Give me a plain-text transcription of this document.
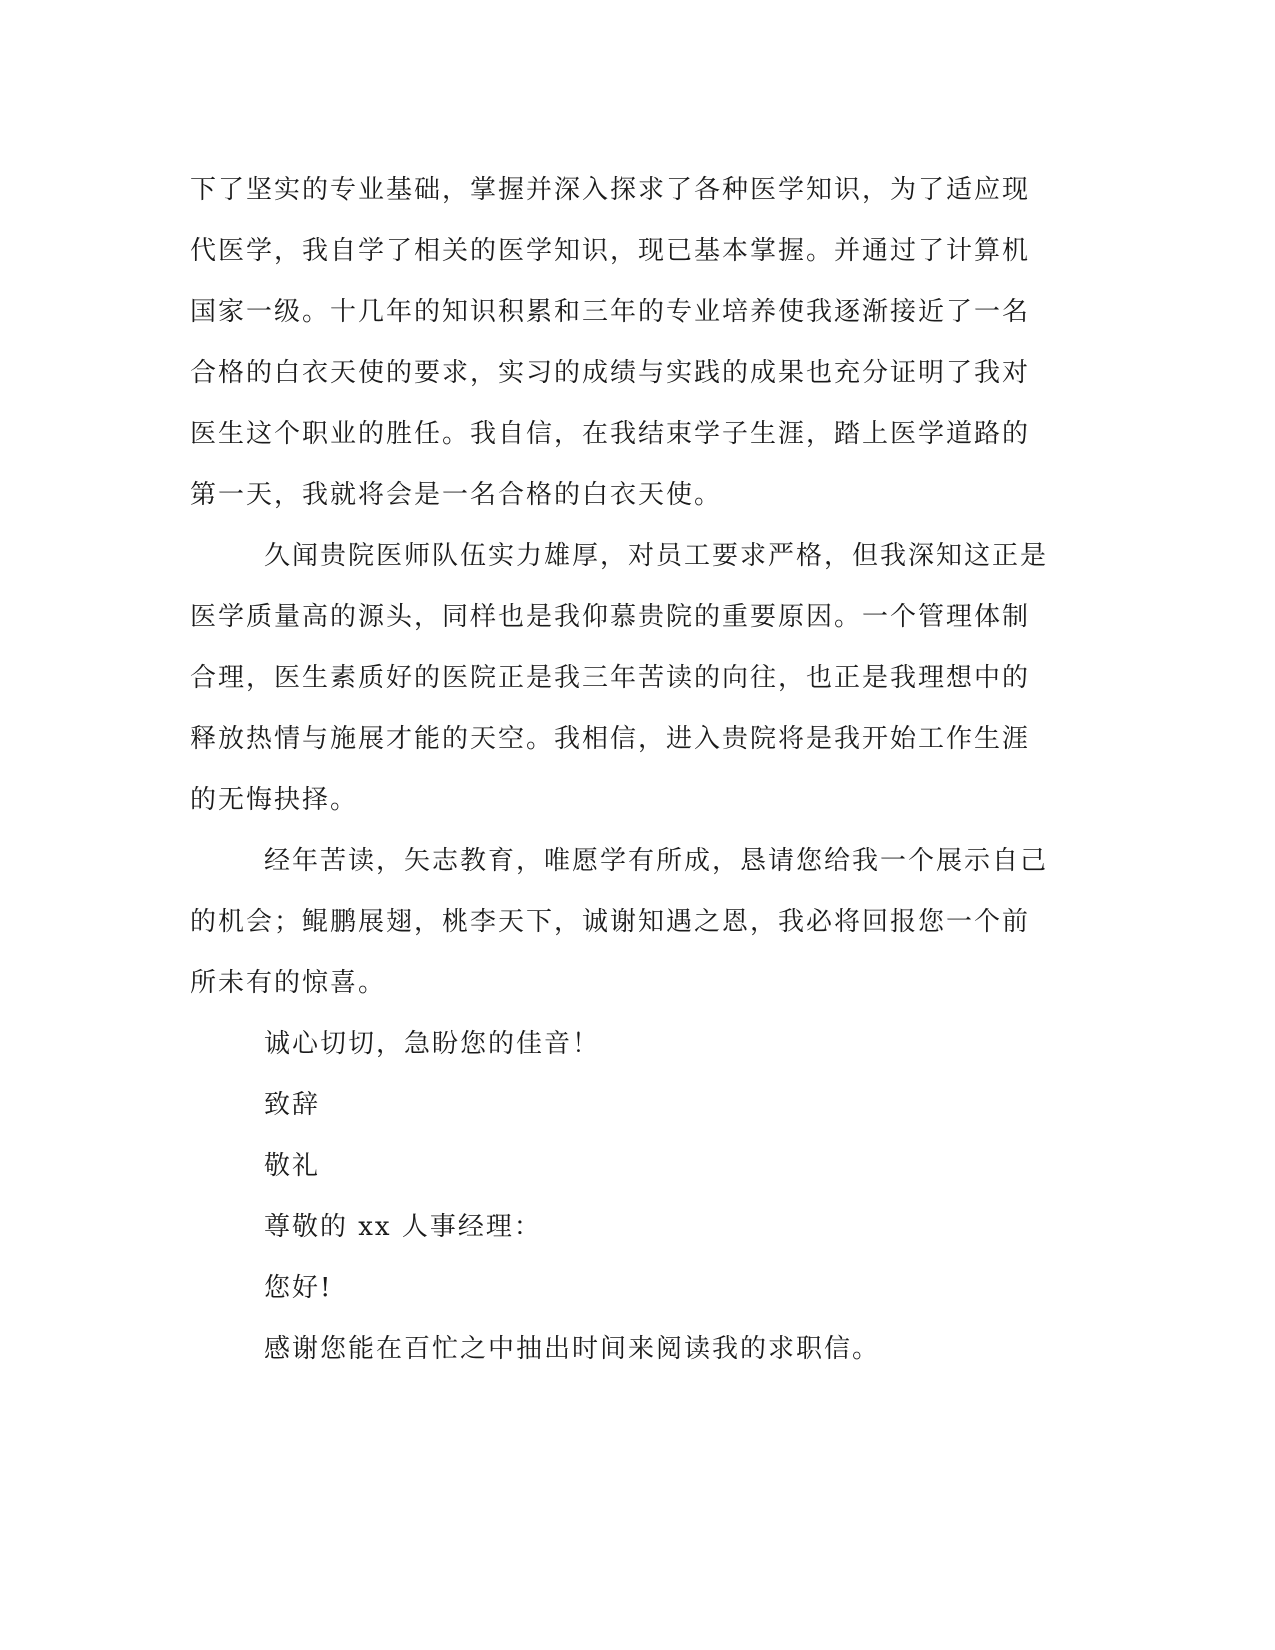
下了坚实的专业基础，掌握并深入探求了各种医学知识，为了适应现
代医学，我自学了相关的医学知识，现已基本掌握。并通过了计算机
国家一级。十几年的知识积累和三年的专业培养使我逐渐接近了一名
合格的白衣天使的要求，实习的成绩与实践的成果也充分证明了我对
医生这个职业的胜任。我自信，在我结束学子生涯，踏上医学道路的
第一天，我就将会是一名合格的白衣天使。

久闻贵院医师队伍实力雄厚，对员工要求严格，但我深知这正是
医学质量高的源头，同样也是我仰慕贵院的重要原因。一个管理体制
合理，医生素质好的医院正是我三年苦读的向往，也正是我理想中的
释放热情与施展才能的天空。我相信，进入贵院将是我开始工作生涯
的无悔抉择。

经年苦读，矢志教育，唯愿学有所成，恳请您给我一个展示自己
的机会；鲲鹏展翅，桃李天下，诚谢知遇之恩，我必将回报您一个前
所未有的惊喜。

诚心切切，急盼您的佳音！

致辞

敬礼

尊敬的 xx 人事经理：

您好!

感谢您能在百忙之中抽出时间来阅读我的求职信。
